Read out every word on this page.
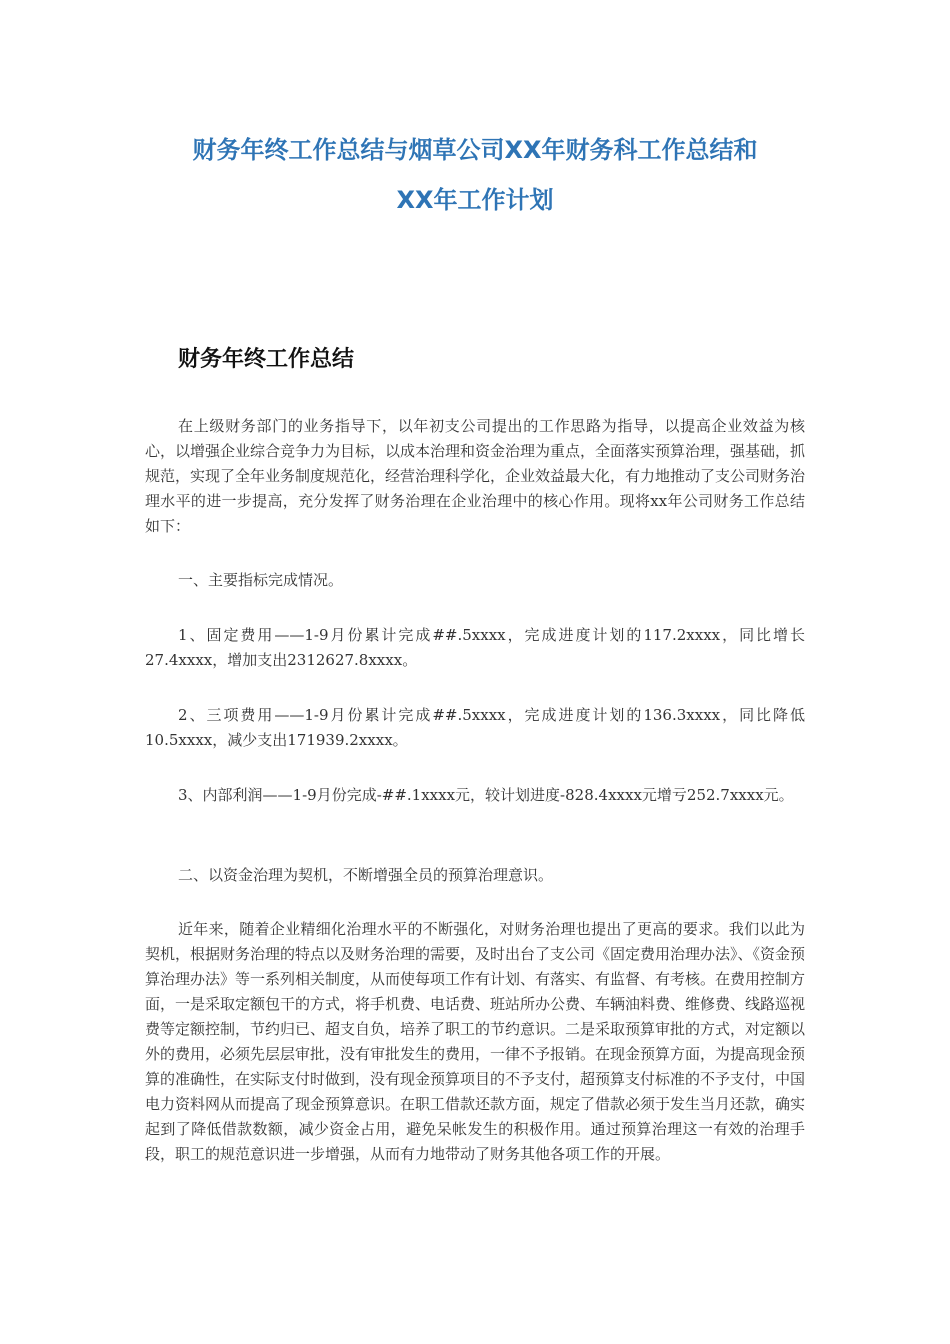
财务年终工作总结与烟草公司XX年财务科工作总结和
XX年工作计划
财务年终工作总结

在上级财务部门的业务指导下，以年初支公司提出的工作思路为指导，以提高企业效益为核心，以增强企业综合竞争力为目标，以成本治理和资金治理为重点，全面落实预算治理，强基础，抓规范，实现了全年业务制度规范化，经营治理科学化，企业效益最大化，有力地推动了支公司财务治理水平的进一步提高，充分发挥了财务治理在企业治理中的核心作用。现将xx年公司财务工作总结如下：

一、主要指标完成情况。

1、固定费用——1-9月份累计完成##.5xxxx，完成进度计划的117.2xxxx，同比增长27.4xxxx，增加支出2312627.8xxxx。

2、三项费用——1-9月份累计完成##.5xxxx，完成进度计划的136.3xxxx，同比降低10.5xxxx，减少支出171939.2xxxx。

3、内部利润——1-9月份完成-##.1xxxx元，较计划进度-828.4xxxx元增亏252.7xxxx元。

二、以资金治理为契机，不断增强全员的预算治理意识。

近年来，随着企业精细化治理水平的不断强化，对财务治理也提出了更高的要求。我们以此为契机，根据财务治理的特点以及财务治理的需要，及时出台了支公司《固定费用治理办法》、《资金预算治理办法》等一系列相关制度，从而使每项工作有计划、有落实、有监督、有考核。在费用控制方面，一是采取定额包干的方式，将手机费、电话费、班站所办公费、车辆油料费、维修费、线路巡视费等定额控制，节约归已、超支自负，培养了职工的节约意识。二是采取预算审批的方式，对定额以外的费用，必须先层层审批，没有审批发生的费用，一律不予报销。在现金预算方面，为提高现金预算的准确性，在实际支付时做到，没有现金预算项目的不予支付，超预算支付标准的不予支付，中国电力资料网从而提高了现金预算意识。在职工借款还款方面，规定了借款必须于发生当月还款，确实起到了降低借款数额，减少资金占用，避免呆帐发生的积极作用。通过预算治理这一有效的治理手段，职工的规范意识进一步增强，从而有力地带动了财务其他各项工作的开展。
